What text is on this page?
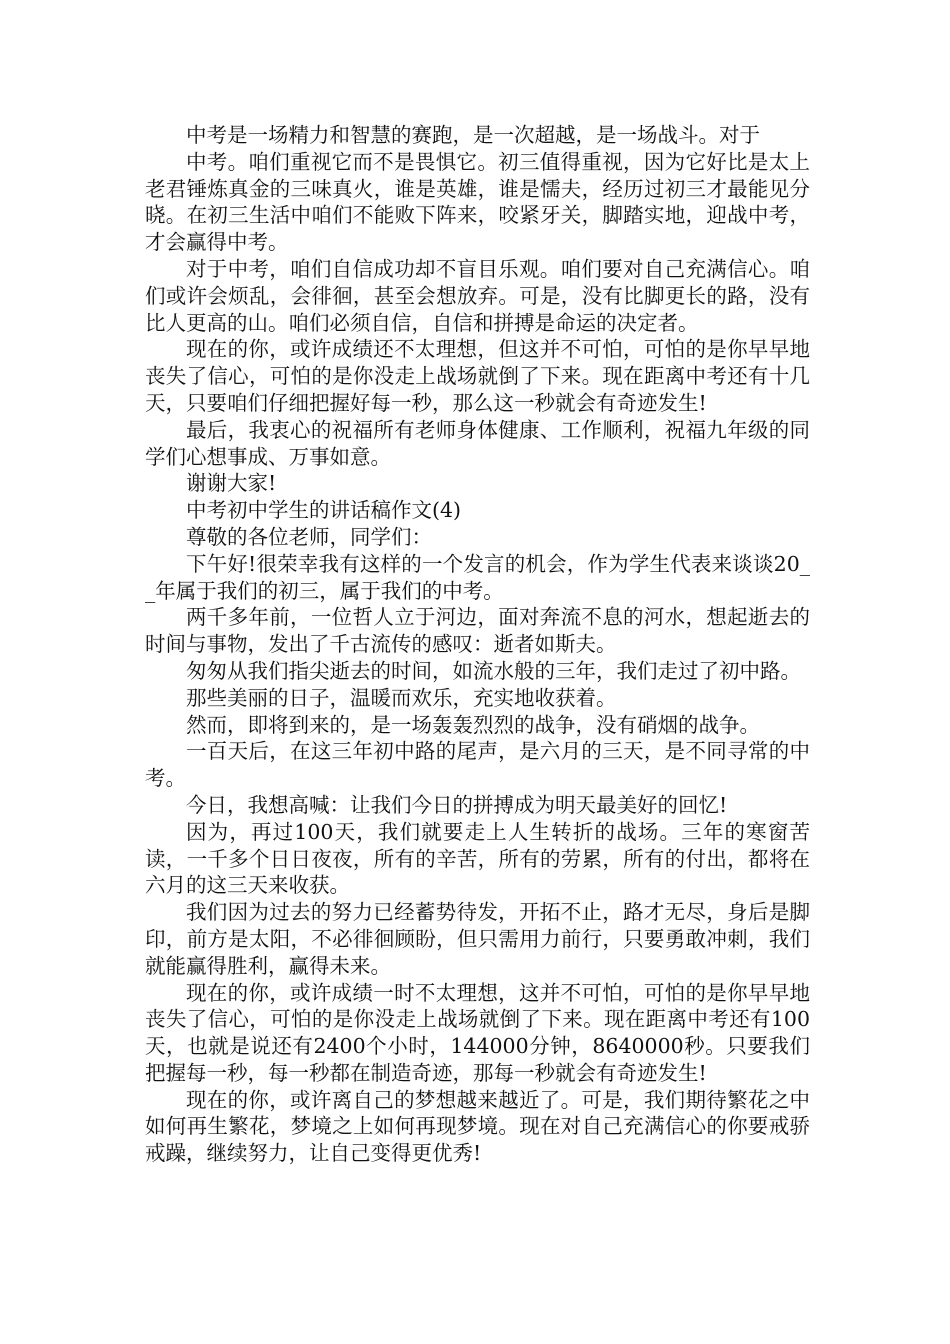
中考是一场精力和智慧的赛跑，是一次超越，是一场战斗。对于

中考。咱们重视它而不是畏惧它。初三值得重视，因为它好比是太上老君锤炼真金的三味真火，谁是英雄，谁是懦夫，经历过初三才最能见分晓。在初三生活中咱们不能败下阵来，咬紧牙关，脚踏实地，迎战中考，才会赢得中考。

对于中考，咱们自信成功却不盲目乐观。咱们要对自己充满信心。咱们或许会烦乱，会徘徊，甚至会想放弃。可是，没有比脚更长的路，没有比人更高的山。咱们必须自信，自信和拼搏是命运的决定者。

现在的你，或许成绩还不太理想，但这并不可怕，可怕的是你早早地丧失了信心，可怕的是你没走上战场就倒了下来。现在距离中考还有十几天，只要咱们仔细把握好每一秒，那么这一秒就会有奇迹发生!

最后，我衷心的祝福所有老师身体健康、工作顺利，祝福九年级的同学们心想事成、万事如意。

谢谢大家!

中考初中学生的讲话稿作文(4)

尊敬的各位老师，同学们：

下午好!很荣幸我有这样的一个发言的机会，作为学生代表来谈谈20__年属于我们的初三，属于我们的中考。

两千多年前，一位哲人立于河边，面对奔流不息的河水，想起逝去的时间与事物，发出了千古流传的感叹：逝者如斯夫。

匆匆从我们指尖逝去的时间，如流水般的三年，我们走过了初中路。

那些美丽的日子，温暖而欢乐，充实地收获着。

然而，即将到来的，是一场轰轰烈烈的战争，没有硝烟的战争。

一百天后，在这三年初中路的尾声，是六月的三天，是不同寻常的中考。

今日，我想高喊：让我们今日的拼搏成为明天最美好的回忆!

因为，再过100天，我们就要走上人生转折的战场。三年的寒窗苦读，一千多个日日夜夜，所有的辛苦，所有的劳累，所有的付出，都将在六月的这三天来收获。

我们因为过去的努力已经蓄势待发，开拓不止，路才无尽，身后是脚印，前方是太阳，不必徘徊顾盼，但只需用力前行，只要勇敢冲刺，我们就能赢得胜利，赢得未来。

现在的你，或许成绩一时不太理想，这并不可怕，可怕的是你早早地丧失了信心，可怕的是你没走上战场就倒了下来。现在距离中考还有100天，也就是说还有2400个小时，144000分钟，8640000秒。只要我们把握每一秒，每一秒都在制造奇迹，那每一秒就会有奇迹发生!

现在的你，或许离自己的梦想越来越近了。可是，我们期待繁花之中如何再生繁花，梦境之上如何再现梦境。现在对自己充满信心的你要戒骄戒躁，继续努力，让自己变得更优秀!
